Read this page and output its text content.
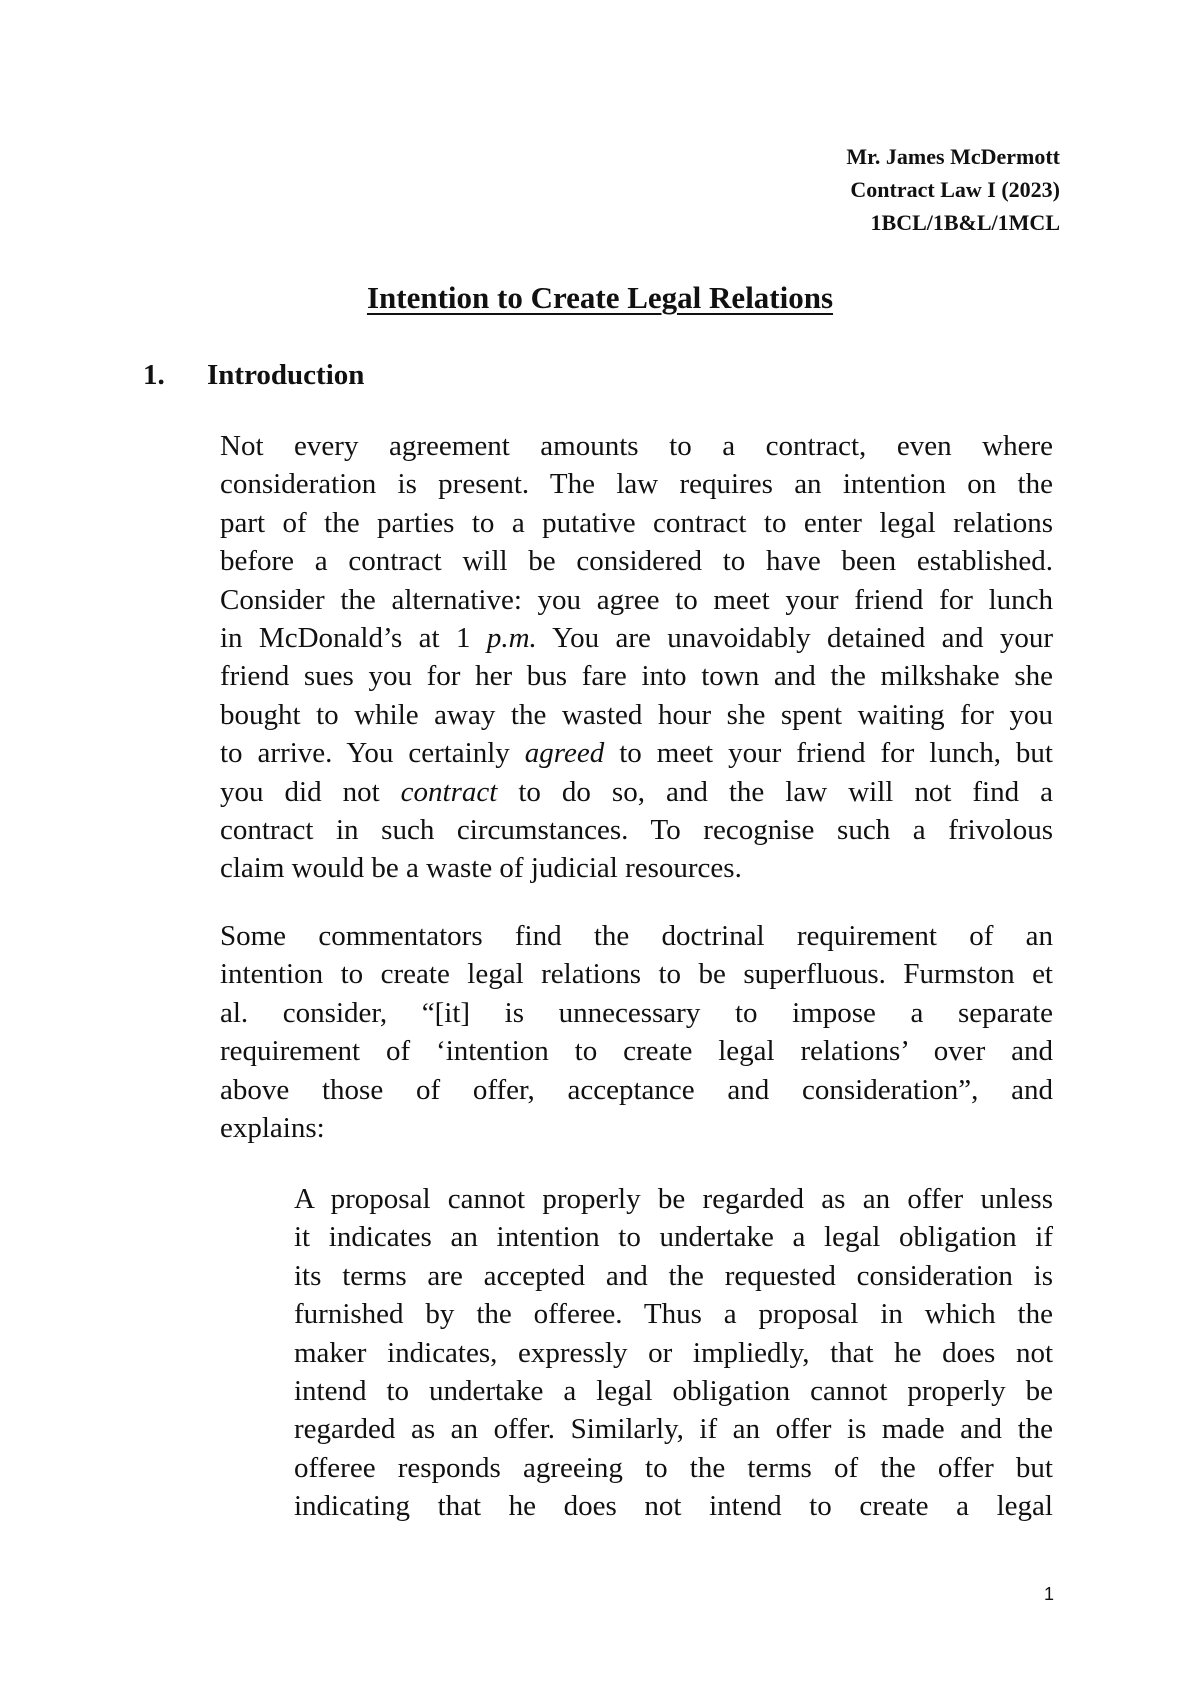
Mr. James McDermott
Contract Law I (2023)
1BCL/1B&L/1MCL
Intention to Create Legal Relations
1. Introduction
Not every agreement amounts to a contract, even where
consideration is present. The law requires an intention on the
part of the parties to a putative contract to enter legal relations
before a contract will be considered to have been established.
Consider the alternative: you agree to meet your friend for lunch
in McDonald’s at 1 p.m. You are unavoidably detained and your
friend sues you for her bus fare into town and the milkshake she
bought to while away the wasted hour she spent waiting for you
to arrive. You certainly agreed to meet your friend for lunch, but
you did not contract to do so, and the law will not find a
contract in such circumstances. To recognise such a frivolous
claim would be a waste of judicial resources.
Some commentators find the doctrinal requirement of an
intention to create legal relations to be superfluous. Furmston et
al. consider, “[it] is unnecessary to impose a separate
requirement of ‘intention to create legal relations’ over and
above those of offer, acceptance and consideration”, and
explains:
A proposal cannot properly be regarded as an offer unless
it indicates an intention to undertake a legal obligation if
its terms are accepted and the requested consideration is
furnished by the offeree. Thus a proposal in which the
maker indicates, expressly or impliedly, that he does not
intend to undertake a legal obligation cannot properly be
regarded as an offer. Similarly, if an offer is made and the
offeree responds agreeing to the terms of the offer but
indicating that he does not intend to create a legal
1
